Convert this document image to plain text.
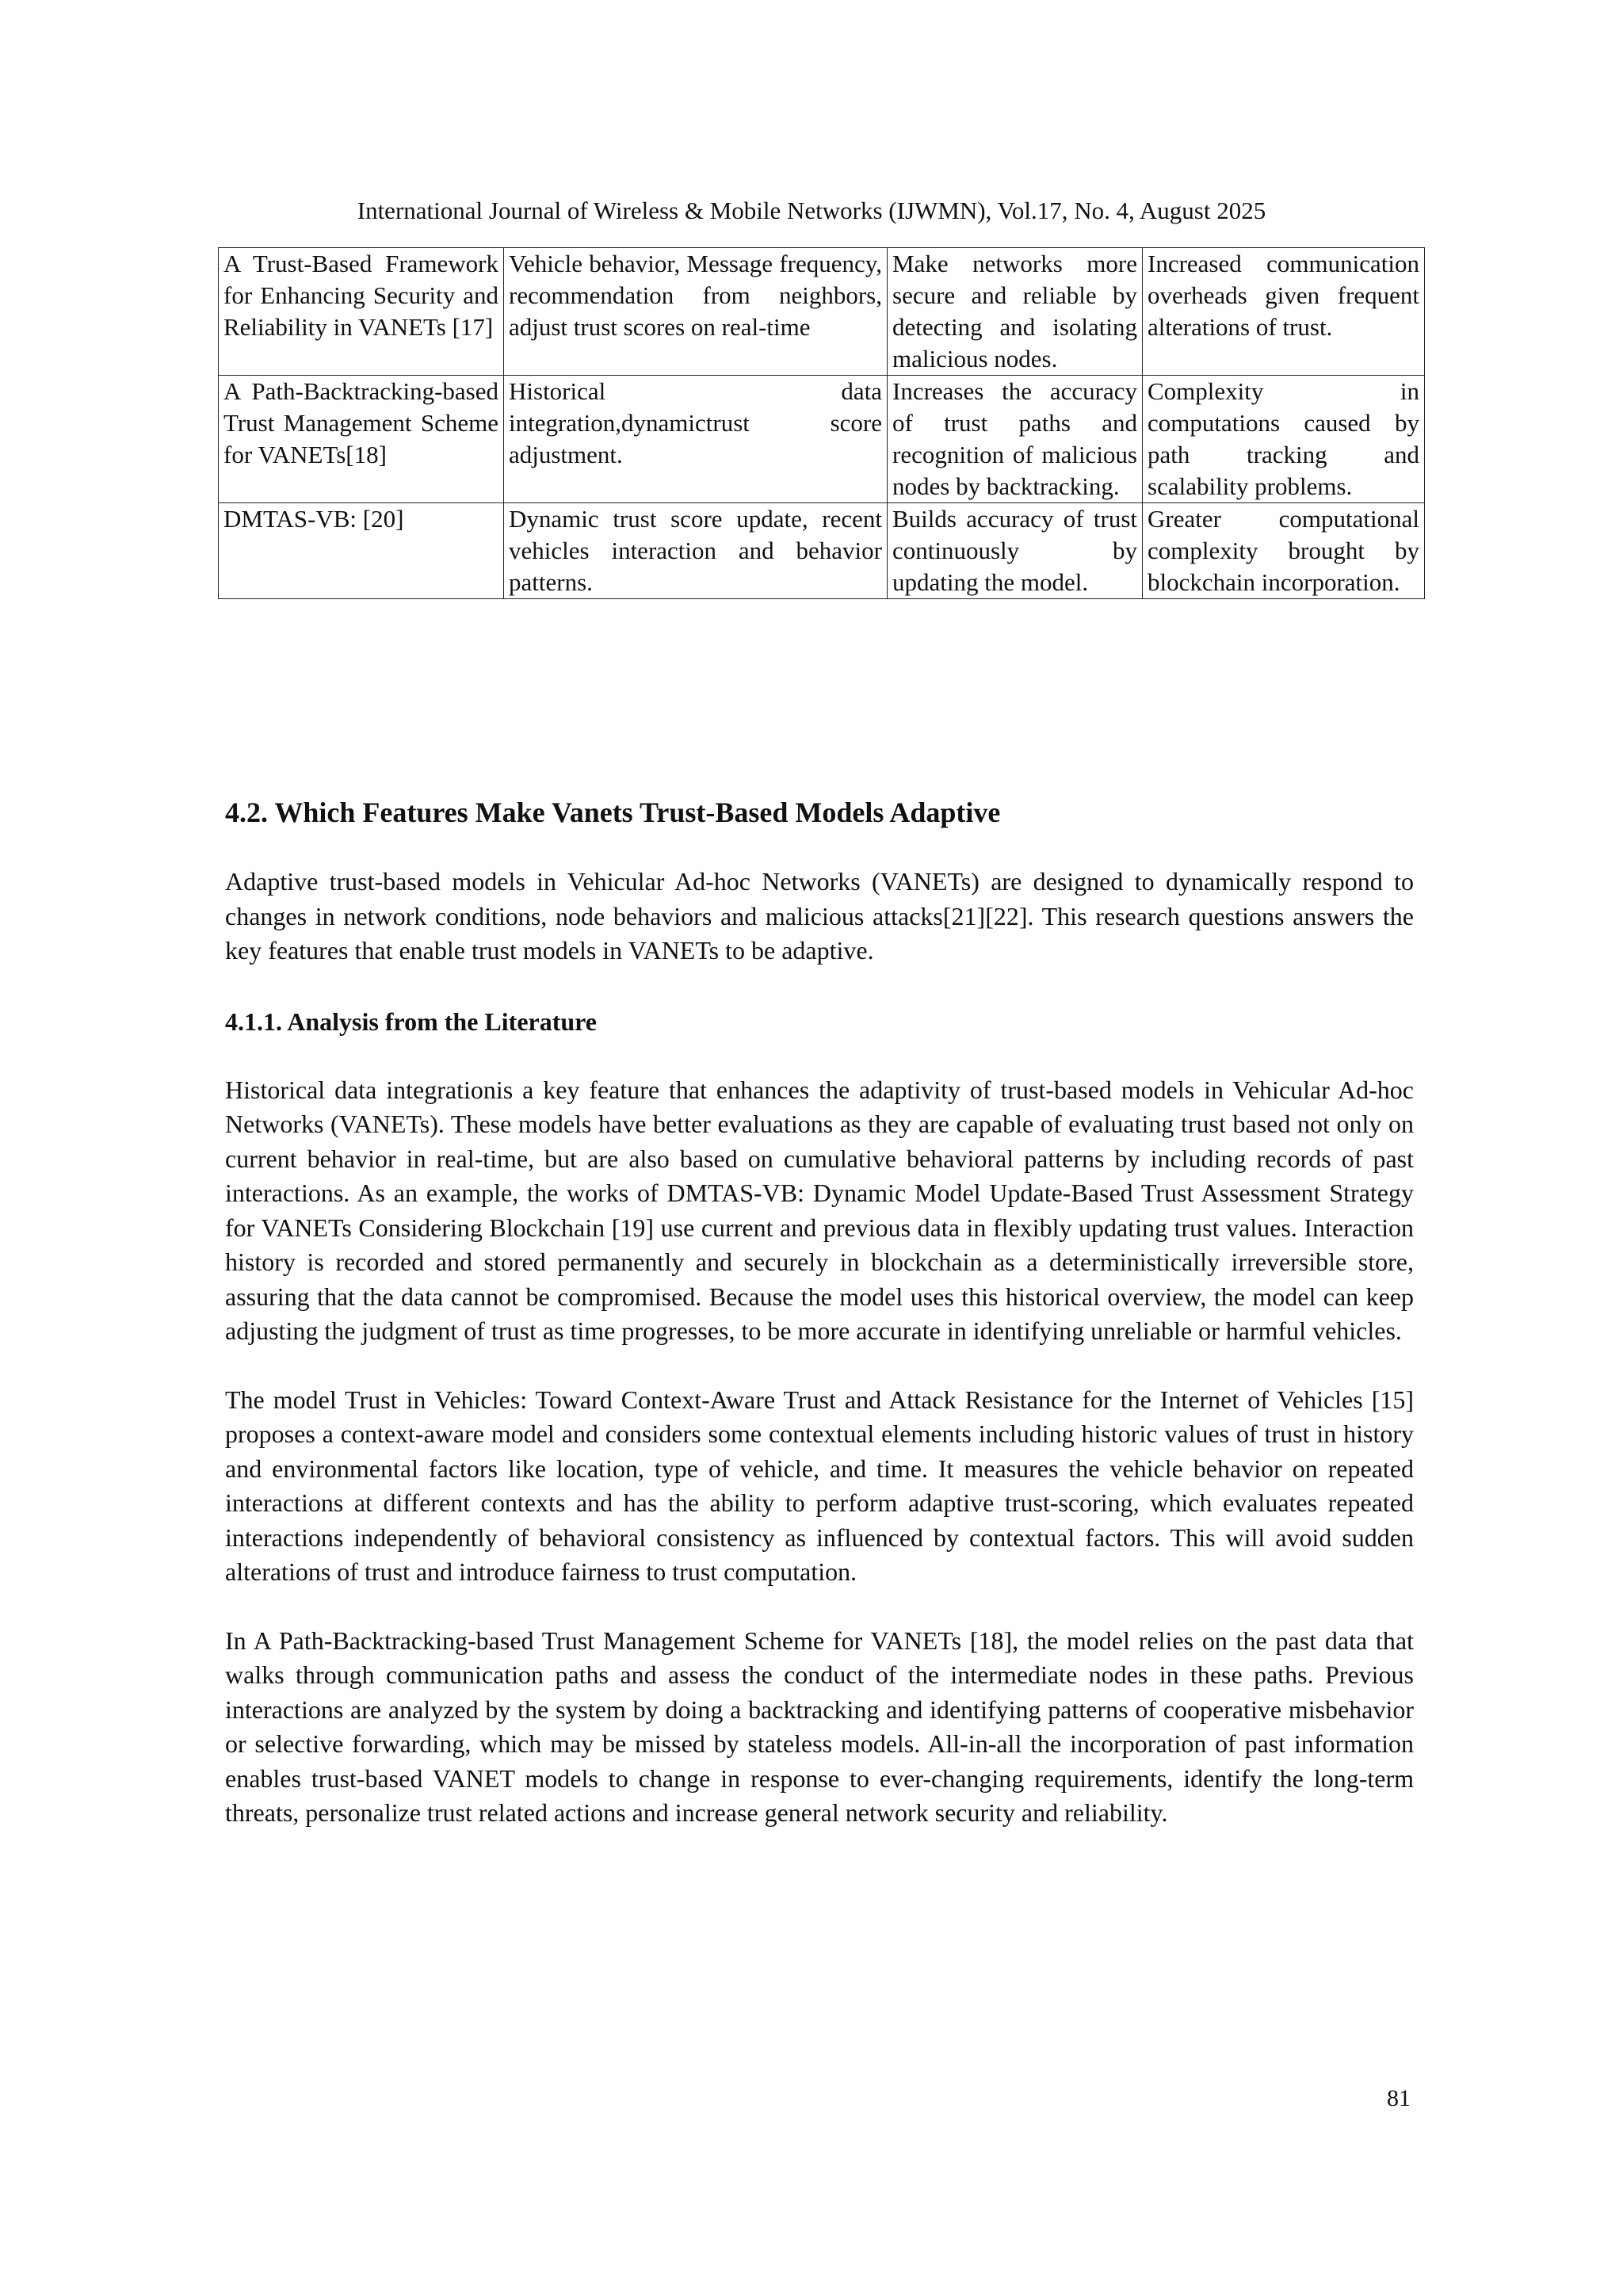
International Journal of Wireless & Mobile Networks (IJWMN), Vol.17, No. 4, August 2025
A Trust-Based Framework for Enhancing Security and Reliability in VANETs [17]	Vehicle behavior, Message frequency, recommendation from neighbors, adjust trust scores on real-time	Make networks more secure and reliable by detecting and isolating malicious nodes.	Increased communication overheads given frequent alterations of trust.
A Path-Backtracking-based Trust Management Scheme for VANETs[18]	Historical data integration,dynamictrust score adjustment.	Increases the accuracy of trust paths and recognition of malicious nodes by backtracking.	Complexity in computations caused by path tracking and scalability problems.
DMTAS-VB: [20]	Dynamic trust score update, recent vehicles interaction and behavior patterns.	Builds accuracy of trust continuously by updating the model.	Greater computational complexity brought by blockchain incorporation.
4.2. Which Features Make Vanets Trust-Based Models Adaptive

Adaptive trust-based models in Vehicular Ad-hoc Networks (VANETs) are designed to dynamically respond to changes in network conditions, node behaviors and malicious attacks[21][22]. This research questions answers the key features that enable trust models in VANETs to be adaptive.

4.1.1. Analysis from the Literature

Historical data integrationis a key feature that enhances the adaptivity of trust-based models in Vehicular Ad-hoc Networks (VANETs). These models have better evaluations as they are capable of evaluating trust based not only on current behavior in real-time, but are also based on cumulative behavioral patterns by including records of past interactions. As an example, the works of DMTAS-VB: Dynamic Model Update-Based Trust Assessment Strategy for VANETs Considering Blockchain [19] use current and previous data in flexibly updating trust values. Interaction history is recorded and stored permanently and securely in blockchain as a deterministically irreversible store, assuring that the data cannot be compromised. Because the model uses this historical overview, the model can keep adjusting the judgment of trust as time progresses, to be more accurate in identifying unreliable or harmful vehicles.

The model Trust in Vehicles: Toward Context-Aware Trust and Attack Resistance for the Internet of Vehicles [15] proposes a context-aware model and considers some contextual elements including historic values of trust in history and environmental factors like location, type of vehicle, and time. It measures the vehicle behavior on repeated interactions at different contexts and has the ability to perform adaptive trust-scoring, which evaluates repeated interactions independently of behavioral consistency as influenced by contextual factors. This will avoid sudden alterations of trust and introduce fairness to trust computation.

In A Path-Backtracking-based Trust Management Scheme for VANETs [18], the model relies on the past data that walks through communication paths and assess the conduct of the intermediate nodes in these paths. Previous interactions are analyzed by the system by doing a backtracking and identifying patterns of cooperative misbehavior or selective forwarding, which may be missed by stateless models. All-in-all the incorporation of past information enables trust-based VANET models to change in response to ever-changing requirements, identify the long-term threats, personalize trust related actions and increase general network security and reliability.

81
